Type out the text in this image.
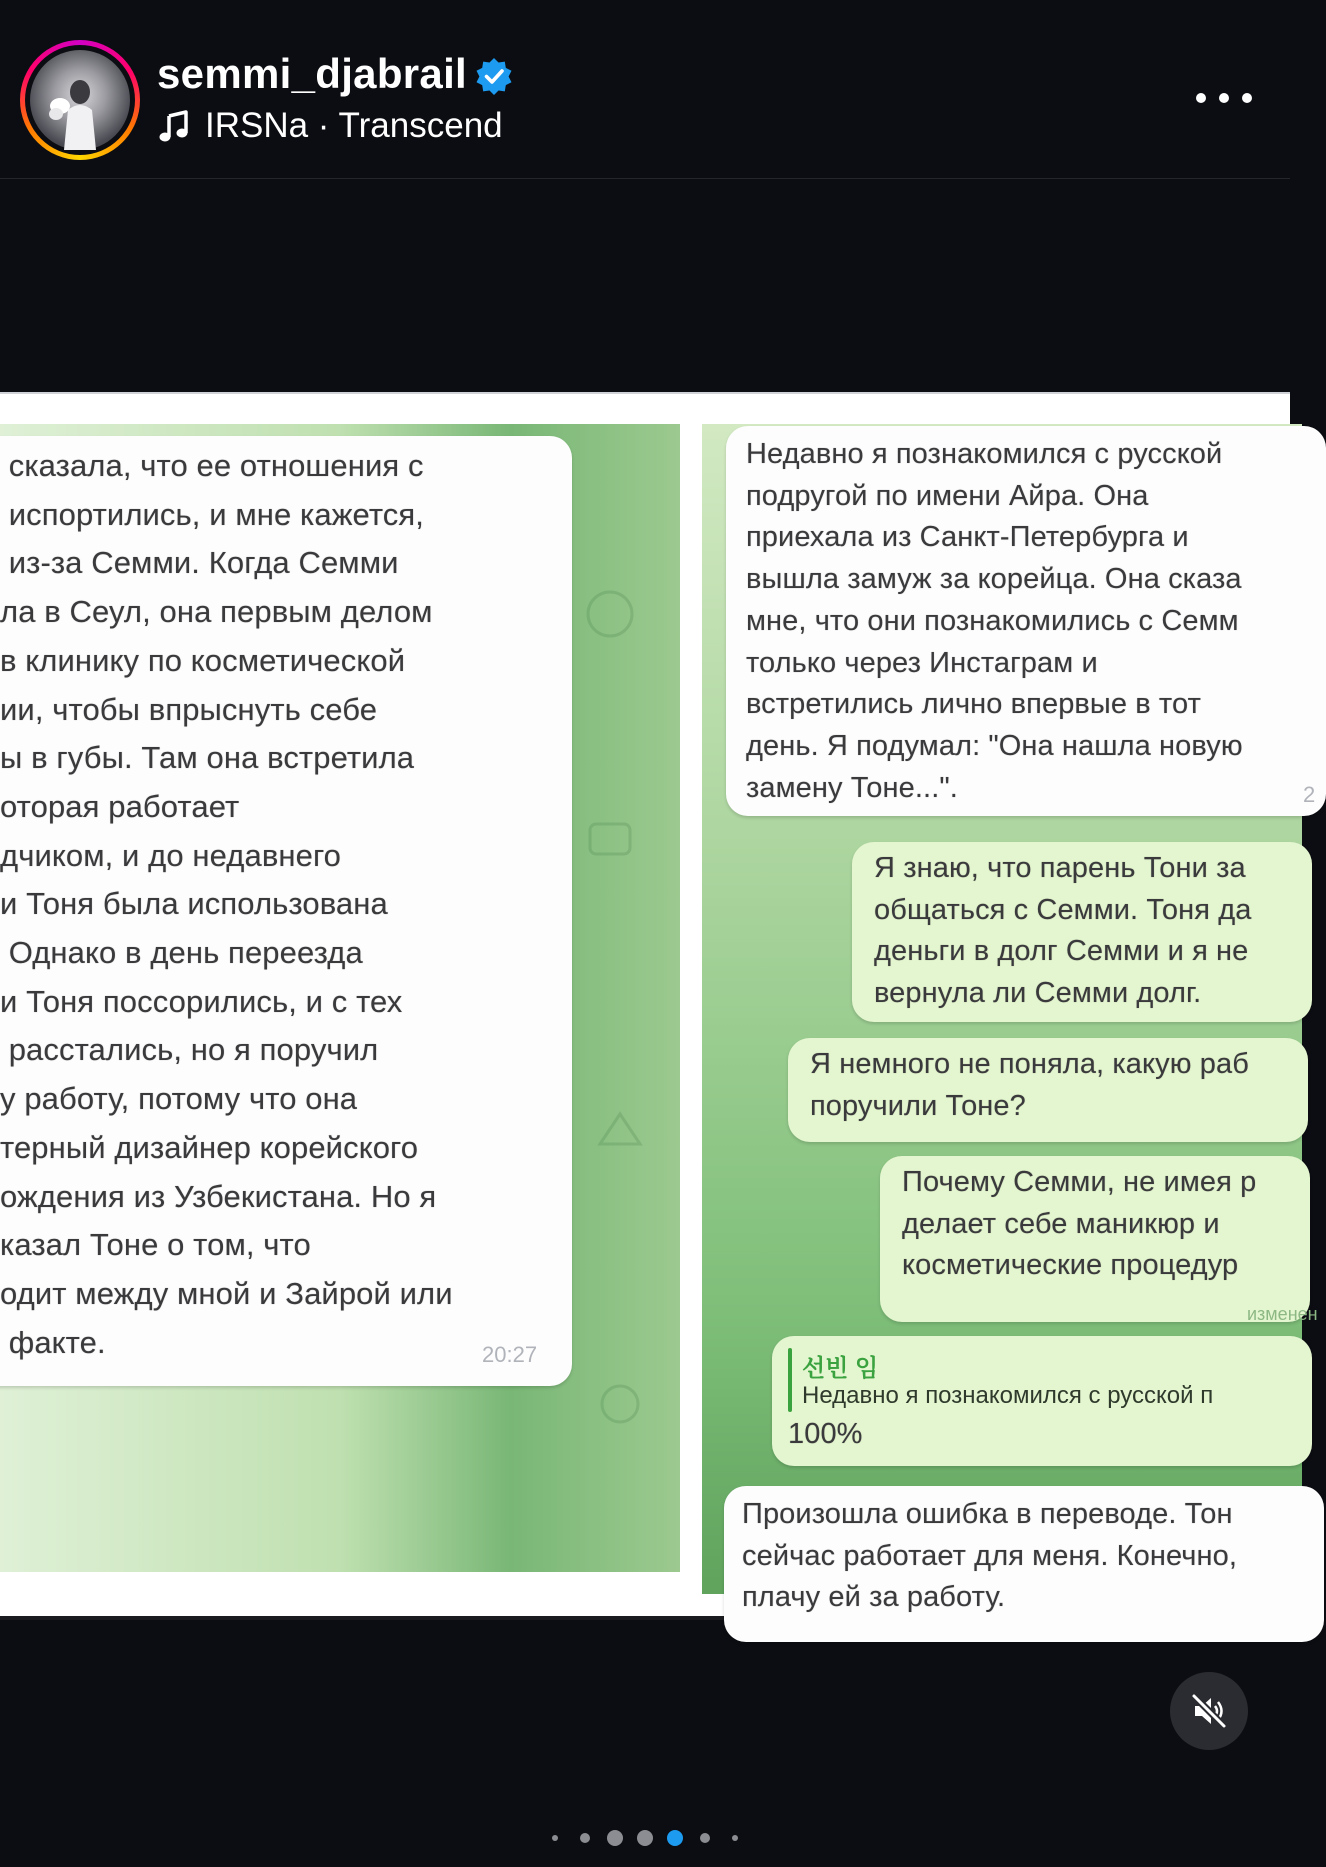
semmi_djabrail
IRSNa · Transcend
сказала, что ее отношения с
испортились, и мне кажется,
из-за Семми. Когда Семми
ла в Сеул, она первым делом
в клинику по косметической
ии, чтобы впрыснуть себе
ы в губы. Там она встретила
оторая работает
дчиком, и до недавнего
и Тоня была использована
Однако в день переезда
и Тоня поссорились, и с тех
расстались, но я поручил
у работу, потому что она
терный дизайнер корейского
ождения из Узбекистана. Но я
казал Тоне о том, что
одит между мной и Зайрой или
факте.	20:27
Недавно я познакомился с русской
подругой по имени Айра. Она
приехала из Санкт-Петербурга и
вышла замуж за корейца. Она сказа
мне, что они познакомились с Семм
только через Инстаграм и
встретились лично впервые в тот
день. Я подумал: "Она нашла новую
замену Тоне...".	2
Я знаю, что парень Тони за
общаться с Семми. Тоня да
деньги в долг Семми и я не
вернула ли Семми долг.
Я немного не поняла, какую раб
поручили Тоне?
Почему Семми, не имея р
делает себе маникюр и
косметические процедур
изменен
선빈 임
Недавно я познакомился с русской п
100%
Произошла ошибка в переводе. Тон
сейчас работает для меня. Конечно,
плачу ей за работу.
